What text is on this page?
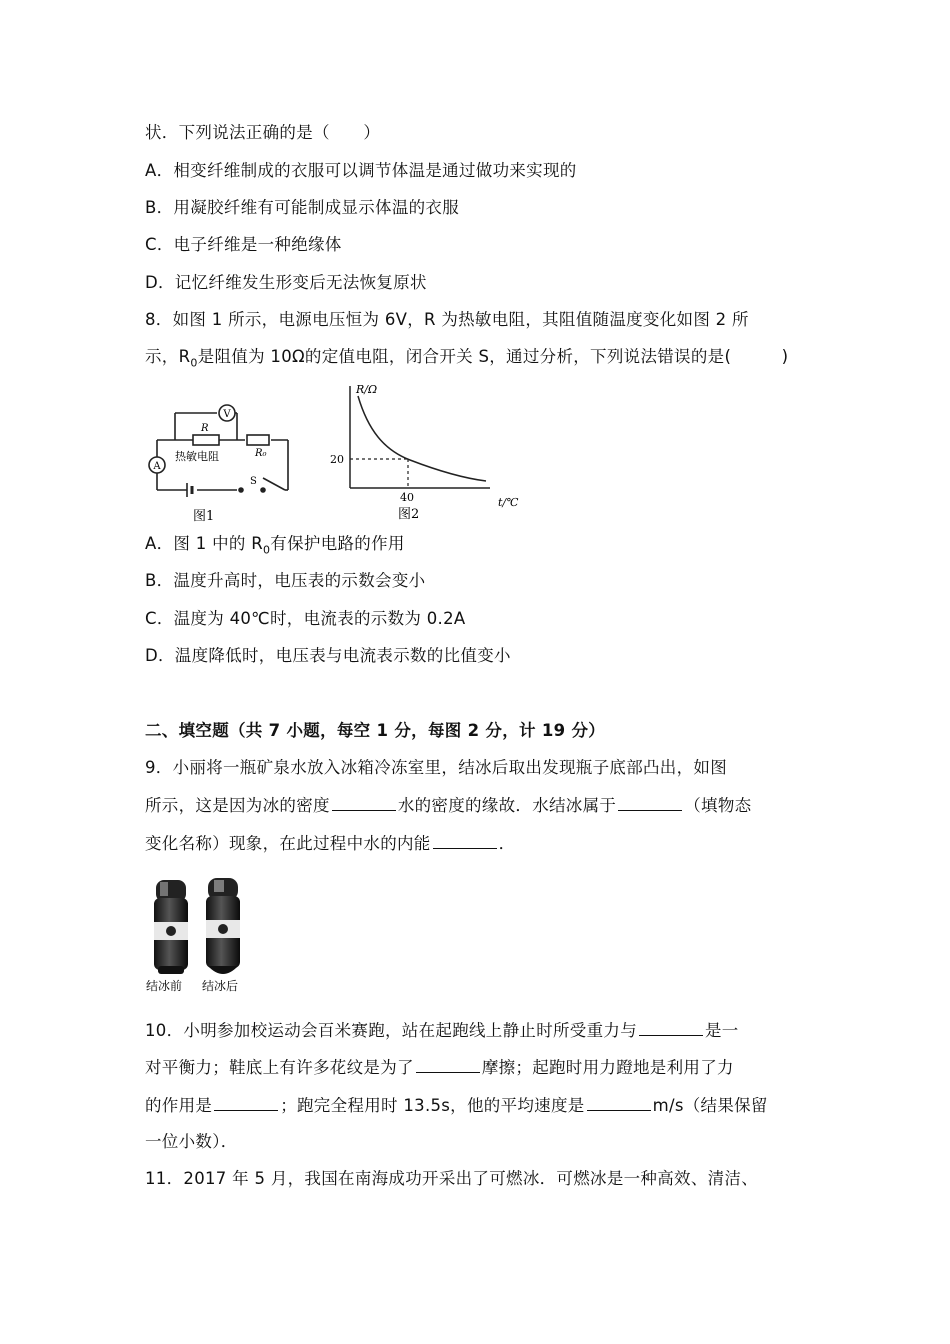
状．下列说法正确的是（　　）
A．相变纤维制成的衣服可以调节体温是通过做功来实现的
B．用凝胶纤维有可能制成显示体温的衣服
C．电子纤维是一种绝缘体
D．记忆纤维发生形变后无法恢复原状
8．如图 1 所示，电源电压恒为 6V，R 为热敏电阻，其阻值随温度变化如图 2 所
示，$R_0$是阻值为 10Ω的定值电阻，闭合开关 S，通过分析，下列说法错误的是(　　　)
V
A
R
R₀
热敏电阻
S
图1
R/Ω
t/℃
20
40
图2
A．图 1 中的 $R_0$有保护电路的作用
B．温度升高时，电压表的示数会变小
C．温度为 40℃时，电流表的示数为 0.2A
D．温度降低时，电压表与电流表示数的比值变小
二、填空题（共 7 小题，每空 1 分，每图 2 分，计 19 分）
9．小丽将一瓶矿泉水放入冰箱冷冻室里，结冰后取出发现瓶子底部凸出，如图
所示，这是因为冰的密度	水的密度的缘故．水结冰属于	（填物态
变化名称）现象，在此过程中水的内能	．
结冰前 结冰后
10．小明参加校运动会百米赛跑，站在起跑线上静止时所受重力与	是一
对平衡力；鞋底上有许多花纹是为了	摩擦；起跑时用力蹬地是利用了力
的作用是	；跑完全程用时 13.5s，他的平均速度是	m/s（结果保留
一位小数）．
11．2017 年 5 月，我国在南海成功开采出了可燃冰．可燃冰是一种高效、清洁、
